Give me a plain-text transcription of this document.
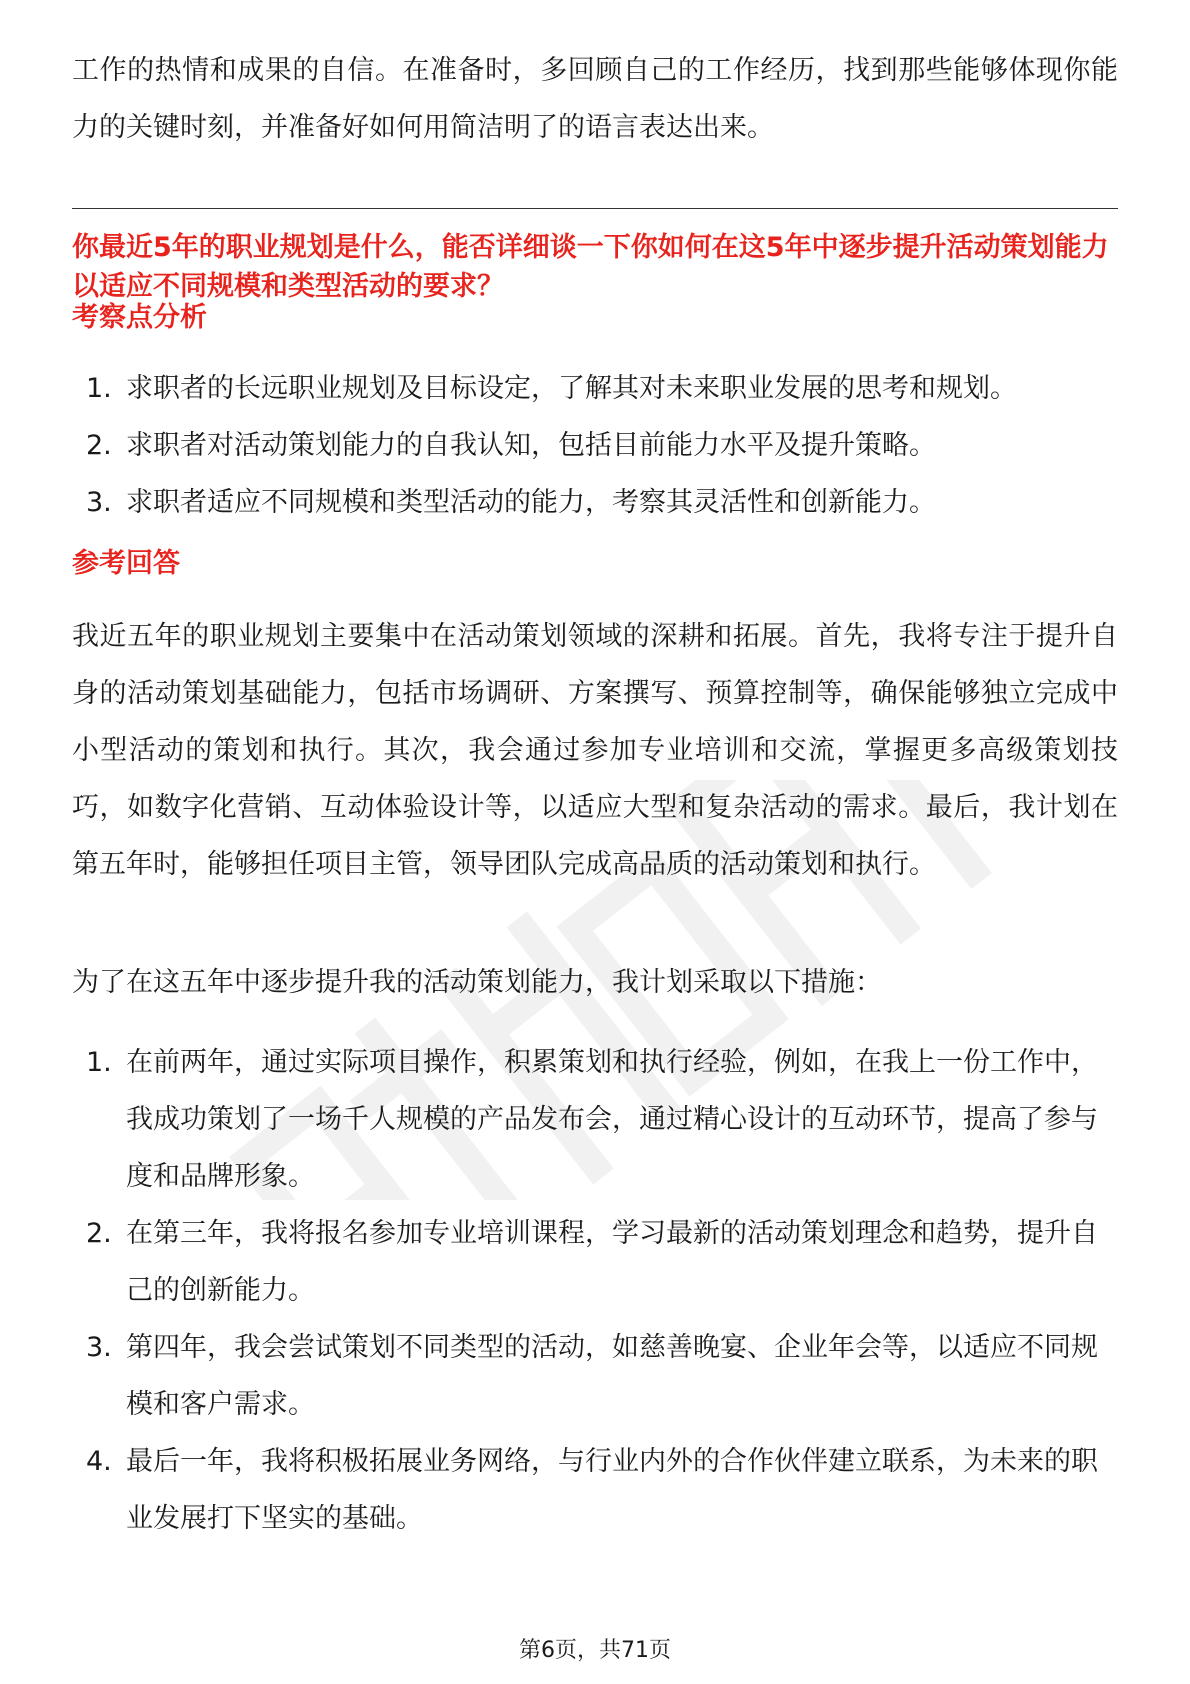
工作的热情和成果的自信。在准备时，多回顾自己的工作经历，找到那些能够体现你能力的关键时刻，并准备好如何用简洁明了的语言表达出来。

你最近5年的职业规划是什么，能否详细谈一下你如何在这5年中逐步提升活动策划能力以适应不同规模和类型活动的要求？

考察点分析

1. 求职者的长远职业规划及目标设定，了解其对未来职业发展的思考和规划。
2. 求职者对活动策划能力的自我认知，包括目前能力水平及提升策略。
3. 求职者适应不同规模和类型活动的能力，考察其灵活性和创新能力。

参考回答

我近五年的职业规划主要集中在活动策划领域的深耕和拓展。首先，我将专注于提升自身的活动策划基础能力，包括市场调研、方案撰写、预算控制等，确保能够独立完成中小型活动的策划和执行。其次，我会通过参加专业培训和交流，掌握更多高级策划技巧，如数字化营销、互动体验设计等，以适应大型和复杂活动的需求。最后，我计划在第五年时，能够担任项目主管，领导团队完成高品质的活动策划和执行。

为了在这五年中逐步提升我的活动策划能力，我计划采取以下措施：

1. 在前两年，通过实际项目操作，积累策划和执行经验，例如，在我上一份工作中，我成功策划了一场千人规模的产品发布会，通过精心设计的互动环节，提高了参与度和品牌形象。
2. 在第三年，我将报名参加专业培训课程，学习最新的活动策划理念和趋势，提升自己的创新能力。
3. 第四年，我会尝试策划不同类型的活动，如慈善晚宴、企业年会等，以适应不同规模和客户需求。
4. 最后一年，我将积极拓展业务网络，与行业内外的合作伙伴建立联系，为未来的职业发展打下坚实的基础。
第6页，共71页
